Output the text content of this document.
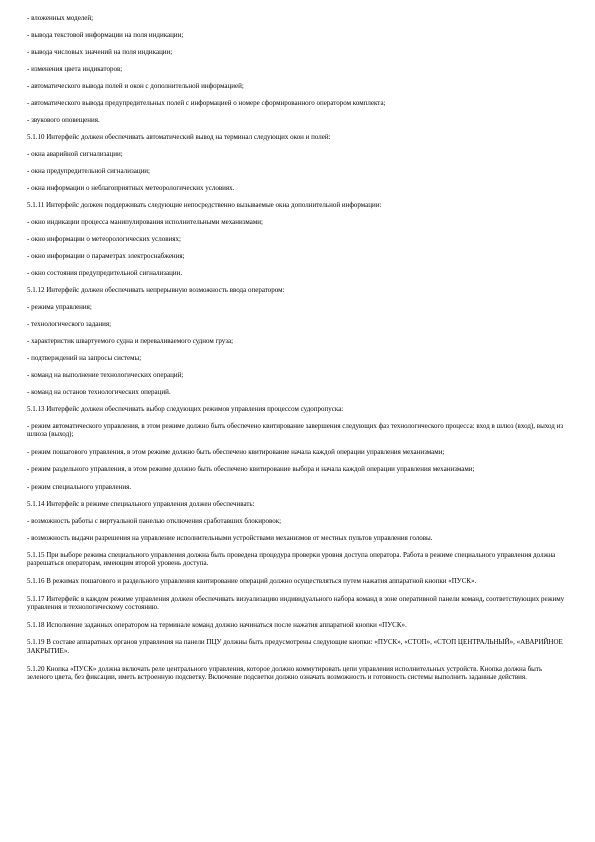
- вложенных моделей;

- вывода текстовой информации на поля индикации;

- вывода числовых значений на поля индикации;

- изменения цвета индикаторов;

- автоматического вывода полей и окон с дополнительной информацией;

- автоматического вывода предупредительных полей с информацией о номере сформированного оператором комплекта;

- звукового оповещения.

5.1.10 Интерфейс должен обеспечивать автоматический вывод на терминал следующих окон и полей:

- окна аварийной сигнализации;

- окна предупредительной сигнализации;

- окна информации о неблагоприятных метеорологических условиях.

5.1.11 Интерфейс должен поддерживать следующие непосредственно вызываемые окна дополнительной информации:

- окно индикации процесса манипулирования исполнительными механизмами;

- окно информации о метеорологических условиях;

- окно информации о параметрах электроснабжения;

- окно состояния предупредительной сигнализации.

5.1.12 Интерфейс должен обеспечивать непрерывную возможность ввода оператором:

- режима управления;

- технологического задания;

- характеристик швартуемого судна и переваливаемого судном груза;

- подтверждений на запросы системы;

- команд на выполнение технологических операций;

- команд на останов технологических операций.

5.1.13 Интерфейс должен обеспечивать выбор следующих режимов управления процессом судопропуска:

- режим автоматического управления, в этом режиме должно быть обеспечено квитирование завершения следующих фаз технологического процесса: вход в шлюз (вход), выход из шлюза (выход);

- режим пошагового управления, в этом режиме должно быть обеспечено квитирование начала каждой операции управления механизмами;

- режим раздельного управления, в этом режиме должно быть обеспечено квитирование выбора и начала каждой операции управления механизмами;

- режим специального управления.

5.1.14 Интерфейс в режиме специального управления должен обеспечивать:

- возможность работы с виртуальной панелью отключения сработавших блокировок;

- возможность выдачи разрешения на управление исполнительными устройствами механизмов от местных пультов управления головы.

5.1.15 При выборе режима специального управления должна быть проведена процедура проверки уровня доступа оператора. Работа в режиме специального управления должна разрешаться операторам, имеющим второй уровень доступа.

5.1.16 В режимах пошагового и раздельного управления квитирование операций должно осуществляться путем нажатия аппаратной кнопки «ПУСК».

5.1.17 Интерфейс в каждом режиме управления должен обеспечивать визуализацию индивидуального набора команд в зоне оперативной панели команд, соответствующих режиму управления и технологическому состоянию.

5.1.18 Исполнение заданных оператором на терминале команд должно начинаться после нажатия аппаратной кнопки «ПУСК».

5.1.19 В составе аппаратных органов управления на панели ПЦУ должны быть предусмотрены следующие кнопки: «ПУСК», «СТОП», «СТОП ЦЕНТРАЛЬНЫЙ», «АВАРИЙНОЕ ЗАКРЫТИЕ».

5.1.20 Кнопка «ПУСК» должна включать реле центрального управления, которое должно коммутировать цепи управления исполнительных устройств. Кнопка должна быть зеленого цвета, без фиксации, иметь встроенную подсветку. Включение подсветки должно означать возможность и готовность системы выполнить заданные действия.
